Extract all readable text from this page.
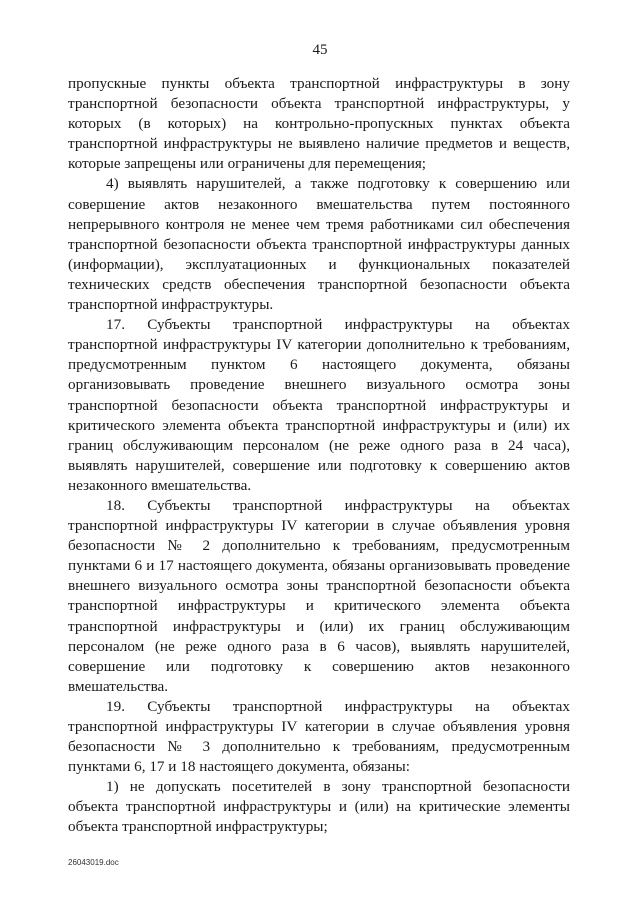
45

пропускные пункты объекта транспортной инфраструктуры в зону транспортной безопасности объекта транспортной инфраструктуры, у которых (в которых) на контрольно-пропускных пунктах объекта транспортной инфраструктуры не выявлено наличие предметов и веществ, которые запрещены или ограничены для перемещения;

4) выявлять нарушителей, а также подготовку к совершению или совершение актов незаконного вмешательства путем постоянного непрерывного контроля не менее чем тремя работниками сил обеспечения транспортной безопасности объекта транспортной инфраструктуры данных (информации), эксплуатационных и функциональных показателей технических средств обеспечения транспортной безопасности объекта транспортной инфраструктуры.

17. Субъекты транспортной инфраструктуры на объектах транспортной инфраструктуры IV категории дополнительно к требованиям, предусмотренным пунктом 6 настоящего документа, обязаны организовывать проведение внешнего визуального осмотра зоны транспортной безопасности объекта транспортной инфраструктуры и критического элемента объекта транспортной инфраструктуры и (или) их границ обслуживающим персоналом (не реже одного раза в 24 часа), выявлять нарушителей, совершение или подготовку к совершению актов незаконного вмешательства.

18. Субъекты транспортной инфраструктуры на объектах транспортной инфраструктуры IV категории в случае объявления уровня безопасности № 2 дополнительно к требованиям, предусмотренным пунктами 6 и 17 настоящего документа, обязаны организовывать проведение внешнего визуального осмотра зоны транспортной безопасности объекта транспортной инфраструктуры и критического элемента объекта транспортной инфраструктуры и (или) их границ обслуживающим персоналом (не реже одного раза в 6 часов), выявлять нарушителей, совершение или подготовку к совершению актов незаконного вмешательства.

19. Субъекты транспортной инфраструктуры на объектах транспортной инфраструктуры IV категории в случае объявления уровня безопасности № 3 дополнительно к требованиям, предусмотренным пунктами 6, 17 и 18 настоящего документа, обязаны:

1) не допускать посетителей в зону транспортной безопасности объекта транспортной инфраструктуры и (или) на критические элементы объекта транспортной инфраструктуры;

26043019.doc
